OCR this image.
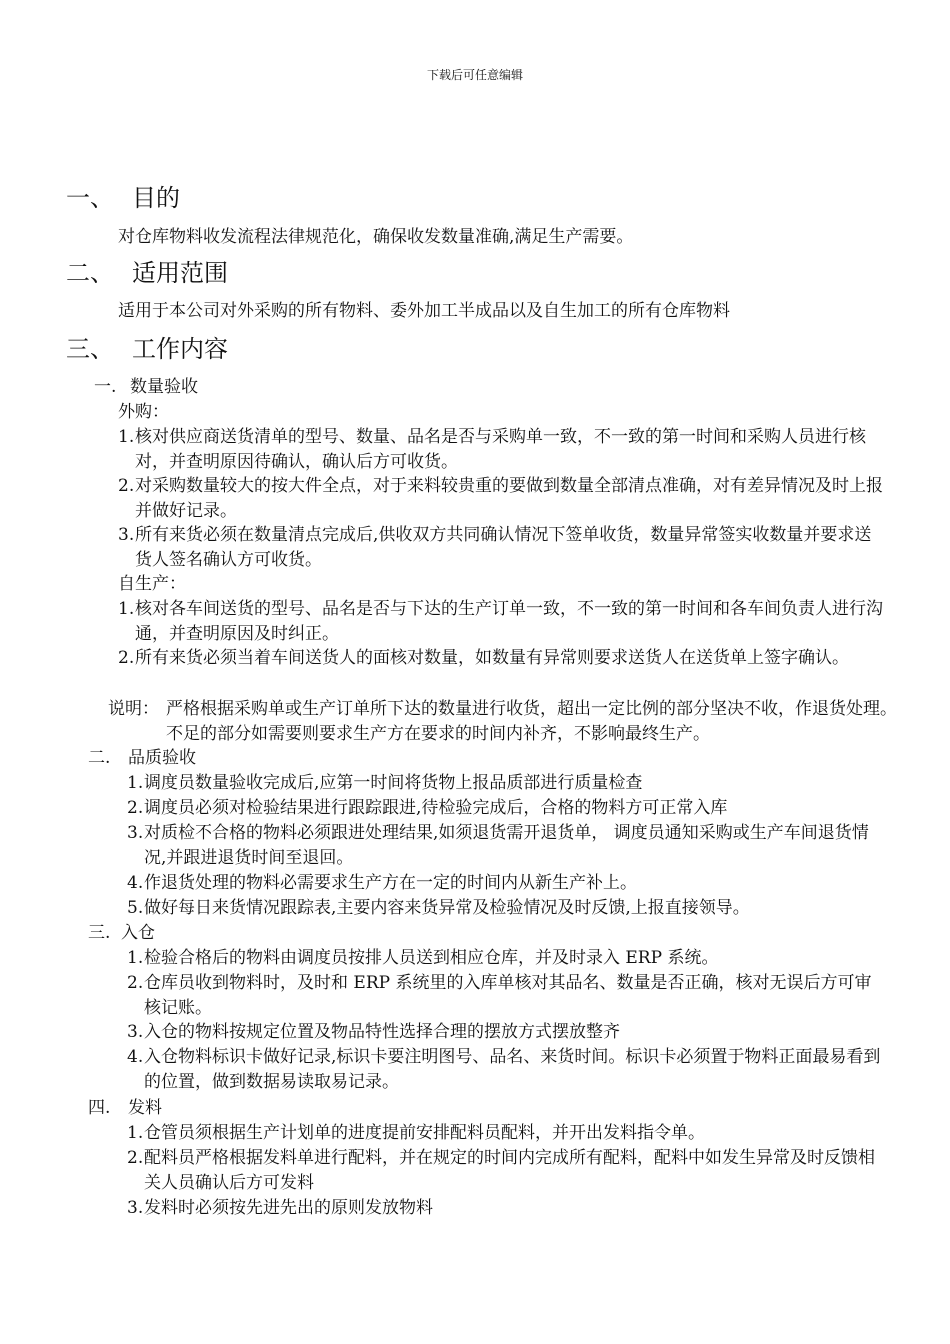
下载后可任意编辑
一、 目的
对仓库物料收发流程法律规范化，确保收发数量准确,满足生产需要。
二、 适用范围
适用于本公司对外采购的所有物料、委外加工半成品以及自生加工的所有仓库物料
三、 工作内容
一. 数量验收
外购：
1. 核对供应商送货清单的型号、数量、品名是否与采购单一致，不一致的第一时间和采购人员进行核对，并查明原因待确认，确认后方可收货。
2. 对采购数量较大的按大件全点，对于来料较贵重的要做到数量全部清点准确，对有差异情况及时上报并做好记录。
3. 所有来货必须在数量清点完成后,供收双方共同确认情况下签单收货，数量异常签实收数量并要求送货人签名确认方可收货。
自生产：
1. 核对各车间送货的型号、品名是否与下达的生产订单一致，不一致的第一时间和各车间负责人进行沟通，并查明原因及时纠正。
2. 所有来货必须当着车间送货人的面核对数量，如数量有异常则要求送货人在送货单上签字确认。
说明： 严格根据采购单或生产订单所下达的数量进行收货，超出一定比例的部分坚决不收，作退货处理。不足的部分如需要则要求生产方在要求的时间内补齐，不影响最终生产。
二. 品质验收
1. 调度员数量验收完成后,应第一时间将货物上报品质部进行质量检查
2. 调度员必须对检验结果进行跟踪跟进,待检验完成后，合格的物料方可正常入库
3. 对质检不合格的物料必须跟进处理结果,如须退货需开退货单， 调度员通知采购或生产车间退货情况,并跟进退货时间至退回。
4. 作退货处理的物料必需要求生产方在一定的时间内从新生产补上。
5. 做好每日来货情况跟踪表,主要内容来货异常及检验情况及时反馈,上报直接领导。
三. 入仓
1. 检验合格后的物料由调度员按排人员送到相应仓库，并及时录入 ERP 系统。
2. 仓库员收到物料时，及时和 ERP 系统里的入库单核对其品名、数量是否正确，核对无误后方可审核记账。
3. 入仓的物料按规定位置及物品特性选择合理的摆放方式摆放整齐
4. 入仓物料标识卡做好记录,标识卡要注明图号、品名、来货时间。标识卡必须置于物料正面最易看到的位置，做到数据易读取易记录。
四. 发料
1. 仓管员须根据生产计划单的进度提前安排配料员配料，并开出发料指令单。
2. 配料员严格根据发料单进行配料，并在规定的时间内完成所有配料，配料中如发生异常及时反馈相关人员确认后方可发料
3. 发料时必须按先进先出的原则发放物料
